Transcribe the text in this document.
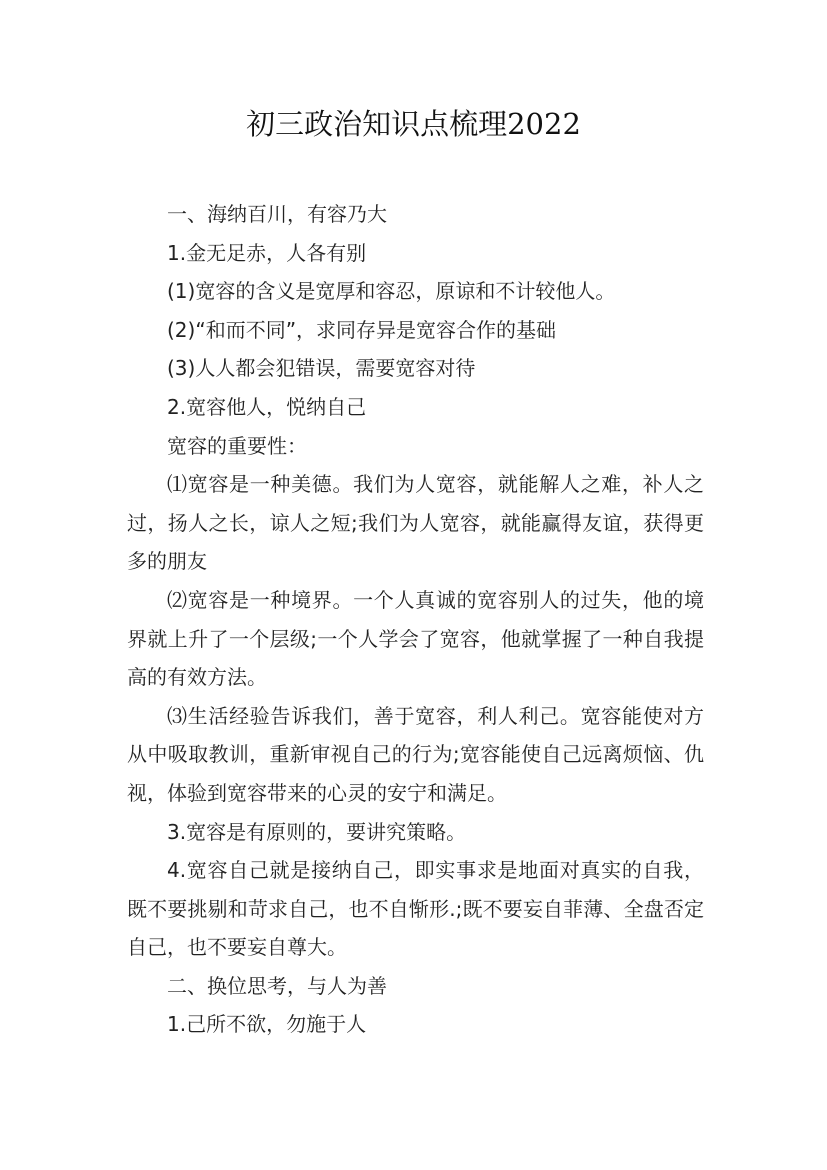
初三政治知识点梳理2022

一、海纳百川，有容乃大

1.金无足赤，人各有别

(1)宽容的含义是宽厚和容忍，原谅和不计较他人。

(2)“和而不同”，求同存异是宽容合作的基础

(3)人人都会犯错误，需要宽容对待

2.宽容他人，悦纳自己

宽容的重要性：

⑴宽容是一种美德。我们为人宽容，就能解人之难，补人之过，扬人之长，谅人之短;我们为人宽容，就能赢得友谊，获得更多的朋友

⑵宽容是一种境界。一个人真诚的宽容别人的过失，他的境界就上升了一个层级;一个人学会了宽容，他就掌握了一种自我提高的有效方法。

⑶生活经验告诉我们，善于宽容，利人利己。宽容能使对方从中吸取教训，重新审视自己的行为;宽容能使自己远离烦恼、仇视，体验到宽容带来的心灵的安宁和满足。

3.宽容是有原则的，要讲究策略。

4.宽容自己就是接纳自己，即实事求是地面对真实的自我，既不要挑剔和苛求自己，也不自惭形.;既不要妄自菲薄、全盘否定自己，也不要妄自尊大。

二、换位思考，与人为善

1.己所不欲，勿施于人
